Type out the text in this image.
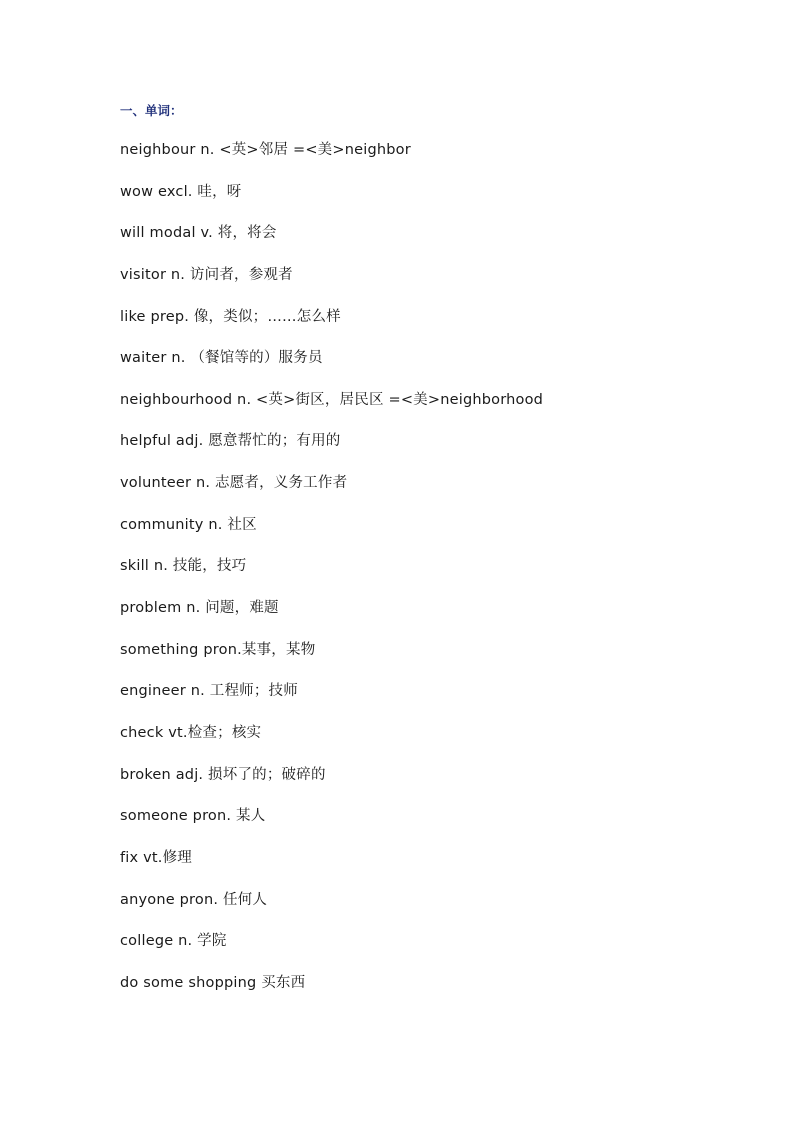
一、单词：
neighbour n. <英>邻居 =<美>neighbor
wow excl. 哇，呀
will modal v. 将，将会
visitor n. 访问者，参观者
like prep. 像，类似；……怎么样
waiter n. （餐馆等的）服务员
neighbourhood n. <英>街区，居民区 =<美>neighborhood
helpful adj. 愿意帮忙的；有用的
volunteer n. 志愿者，义务工作者
community n. 社区
skill n. 技能，技巧
problem n. 问题，难题
something pron.某事，某物
engineer n. 工程师；技师
check vt.检查；核实
broken adj. 损坏了的；破碎的
someone pron. 某人
fix vt.修理
anyone pron. 任何人
college n. 学院
do some shopping 买东西
